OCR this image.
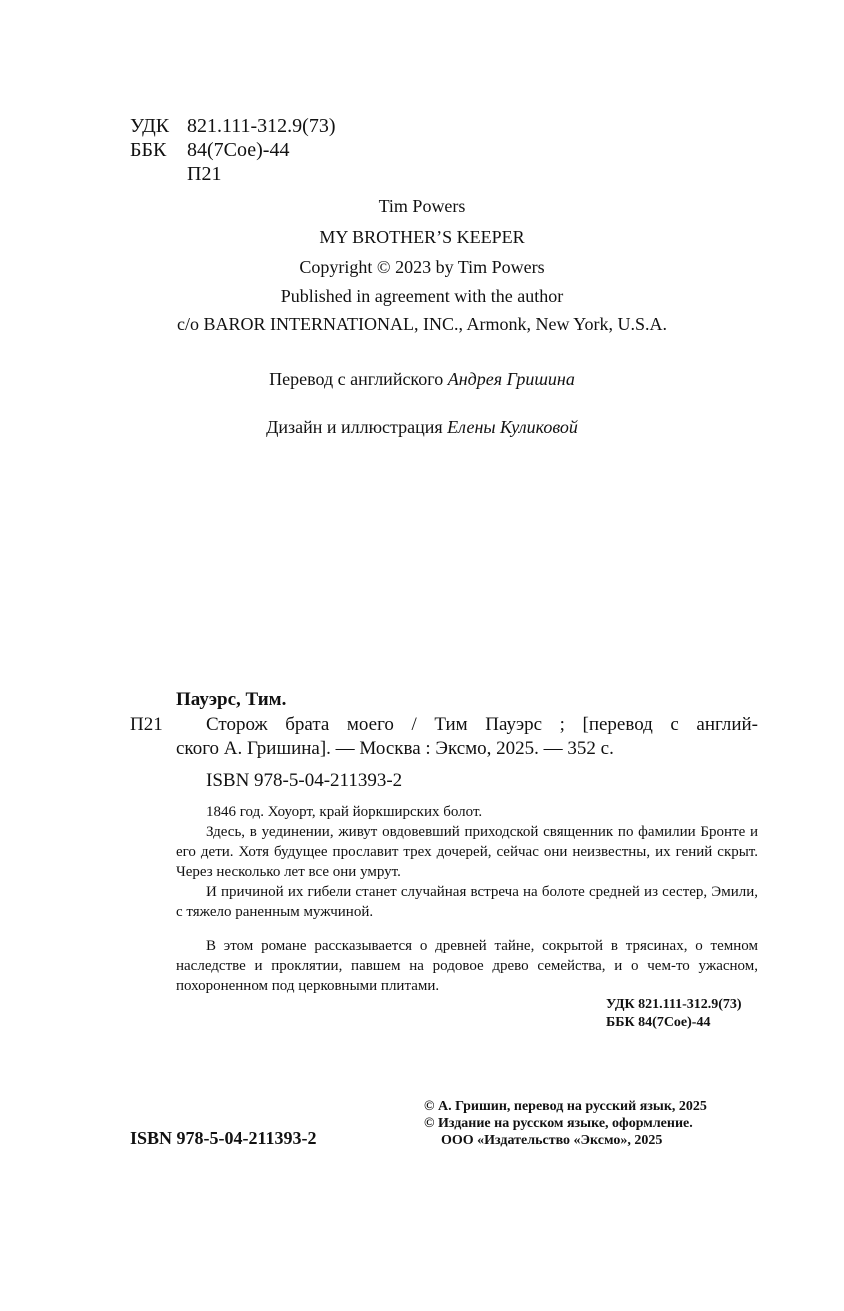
УДК 821.111-312.9(73)
ББК 84(7Сое)-44
П21
Tim Powers
MY BROTHER’S KEEPER
Copyright © 2023 by Tim Powers
Published in agreement with the author
c/o BAROR INTERNATIONAL, INC., Armonk, New York, U.S.A.
Перевод с английского Андрея Гришина
Дизайн и иллюстрация Елены Куликовой
Пауэрс, Тим.
П21 Сторож брата моего / Тим Пауэрс ; [перевод с англий-
ского А. Гришина]. — Москва : Эксмо, 2025. — 352 с.
ISBN 978-5-04-211393-2

1846 год. Хоуорт, край йоркширских болот.

Здесь, в уединении, живут овдовевший приходской священник по фамилии Бронте и его дети. Хотя будущее прославит трех дочерей, сейчас они неизвестны, их гений скрыт. Через несколько лет все они умрут.

И причиной их гибели станет случайная встреча на болоте средней из сестер, Эмили, с тяжело раненным мужчиной.

В этом романе рассказывается о древней тайне, сокрытой в трясинах, о темном наследстве и проклятии, павшем на родовое древо семейства, и о чем-то ужасном, похороненном под церковными плитами.

УДК 821.111-312.9(73)
ББК 84(7Сое)-44
ISBN 978-5-04-211393-2
© А. Гришин, перевод на русский язык, 2025
© Издание на русском языке, оформление.
ООО «Издательство «Эксмо», 2025
